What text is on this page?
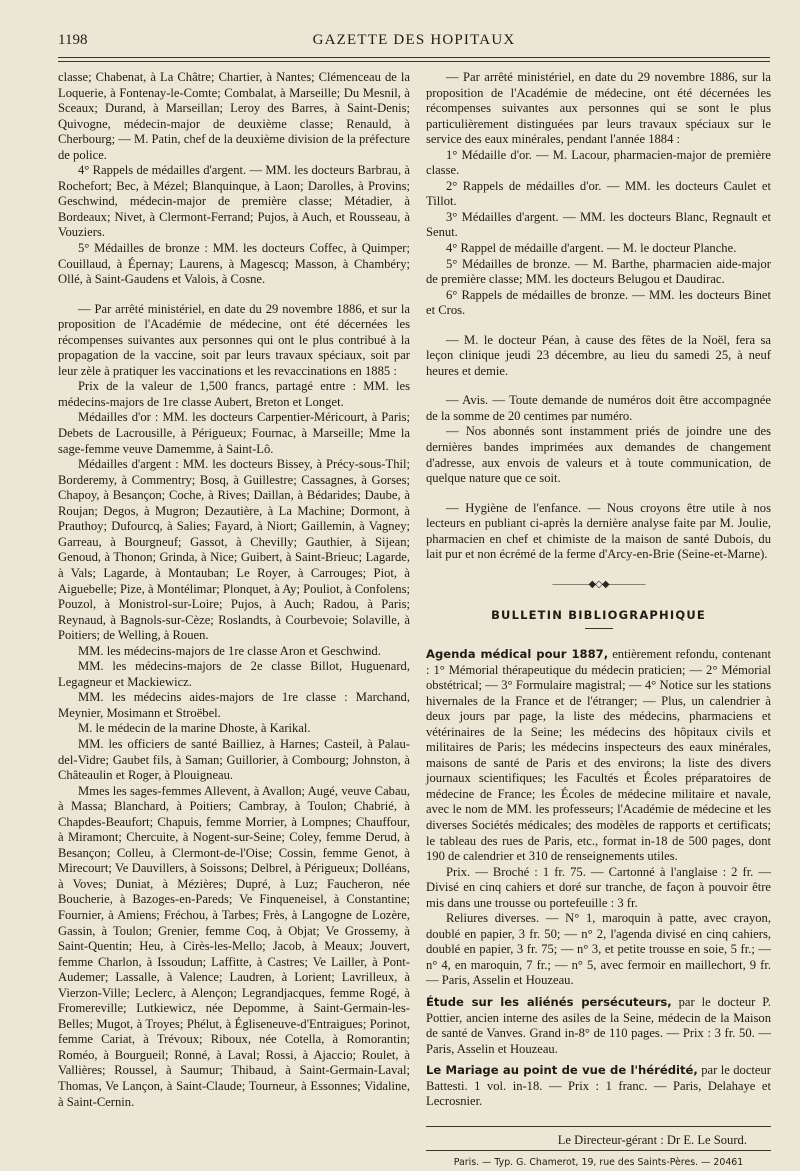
1198	GAZETTE DES HOPITAUX

classe; Chabenat, à La Châtre; Chartier, à Nantes; Clémenceau de la Loquerie, à Fontenay-le-Comte; Combalat, à Marseille; Du Mesnil, à Sceaux; Durand, à Marseillan; Leroy des Barres, à Saint-Denis; Quivogne, médecin-major de deuxième classe; Renauld, à Cherbourg; — M. Patin, chef de la deuxième division de la préfecture de police.

4° Rappels de médailles d'argent. — MM. les docteurs Barbrau, à Rochefort; Bec, à Mézel; Blanquinque, à Laon; Darolles, à Provins; Geschwind, médecin-major de première classe; Métadier, à Bordeaux; Nivet, à Clermont-Ferrand; Pujos, à Auch, et Rousseau, à Vouziers.

5° Médailles de bronze : MM. les docteurs Coffec, à Quimper; Couillaud, à Épernay; Laurens, à Magescq; Masson, à Chambéry; Ollé, à Saint-Gaudens et Valois, à Cosne.

— Par arrêté ministériel, en date du 29 novembre 1886, et sur la proposition de l'Académie de médecine, ont été décernées les récompenses suivantes aux personnes qui ont le plus contribué à la propagation de la vaccine, soit par leurs travaux spéciaux, soit par leur zèle à pratiquer les vaccinations et les revaccinations en 1885 :

Prix de la valeur de 1,500 francs, partagé entre : MM. les médecins-majors de 1re classe Aubert, Breton et Longet.

Médailles d'or : MM. les docteurs Carpentier-Méricourt, à Paris; Debets de Lacrousille, à Périgueux; Fournac, à Marseille; Mme la sage-femme veuve Damemme, à Saint-Lô.

Médailles d'argent : MM. les docteurs Bissey, à Précy-sous-Thil; Borderemy, à Commentry; Bosq, à Guillestre; Cassagnes, à Gorses; Chapoy, à Besançon; Coche, à Rives; Daillan, à Bédarides; Daube, à Roujan; Degos, à Mugron; Dezautière, à La Machine; Dormont, à Prauthoy; Dufourcq, à Salies; Fayard, à Niort; Gaillemin, à Vagney; Garreau, à Bourgneuf; Gassot, à Chevilly; Gauthier, à Sijean; Genoud, à Thonon; Grinda, à Nice; Guibert, à Saint-Brieuc; Lagarde, à Vals; Lagarde, à Montauban; Le Royer, à Carrouges; Piot, à Aiguebelle; Pize, à Montélimar; Plonquet, à Ay; Pouliot, à Confolens; Pouzol, à Monistrol-sur-Loire; Pujos, à Auch; Radou, à Paris; Reynaud, à Bagnols-sur-Cèze; Roslandts, à Courbevoie; Solaville, à Poitiers; de Welling, à Rouen.

MM. les médecins-majors de 1re classe Aron et Geschwind.

MM. les médecins-majors de 2e classe Billot, Huguenard, Legagneur et Mackiewicz.

MM. les médecins aides-majors de 1re classe : Marchand, Meynier, Mosimann et Stroëbel.

M. le médecin de la marine Dhoste, à Karikal.

MM. les officiers de santé Bailliez, à Harnes; Casteil, à Palau-del-Vidre; Gaubet fils, à Saman; Guillorier, à Combourg; Johnston, à Châteaulin et Roger, à Plouigneau.

Mmes les sages-femmes Allevent, à Avallon; Augé, veuve Cabau, à Massa; Blanchard, à Poitiers; Cambray, à Toulon; Chabrié, à Chapdes-Beaufort; Chapuis, femme Morrier, à Lompnes; Chauffour, à Miramont; Chercuite, à Nogent-sur-Seine; Coley, femme Derud, à Besançon; Colleu, à Clermont-de-l'Oise; Cossin, femme Genot, à Mirecourt; Ve Dauvillers, à Soissons; Delbrel, à Périgueux; Dolléans, à Voves; Duniat, à Mézières; Dupré, à Luz; Faucheron, née Boucherie, à Bazoges-en-Pareds; Ve Finqueneisel, à Constantine; Fournier, à Amiens; Fréchou, à Tarbes; Frès, à Langogne de Lozère, Gassin, à Toulon; Grenier, femme Coq, à Objat; Ve Grossemy, à Saint-Quentin; Heu, à Cirès-les-Mello; Jacob, à Meaux; Jouvert, femme Charlon, à Issoudun; Laffitte, à Castres; Ve Lailler, à Pont-Audemer; Lassalle, à Valence; Laudren, à Lorient; Lavrilleux, à Vierzon-Ville; Leclerc, à Alençon; Legrandjacques, femme Rogé, à Fromereville; Lutkiewicz, née Depomme, à Saint-Germain-les-Belles; Mugot, à Troyes; Phélut, à Égliseneuve-d'Entraigues; Porinot, femme Cariat, à Trévoux; Riboux, née Cotella, à Romorantin; Roméo, à Bourgueil; Ronné, à Laval; Rossi, à Ajaccio; Roulet, à Vallières; Roussel, à Saumur; Thibaud, à Saint-Germain-Laval; Thomas, Ve Lançon, à Saint-Claude; Tourneur, à Essonnes; Vidaline, à Saint-Cernin.

— Par arrêté ministériel, en date du 29 novembre 1886, sur la proposition de l'Académie de médecine, ont été décernées les récompenses suivantes aux personnes qui se sont le plus particulièrement distinguées par leurs travaux spéciaux sur le service des eaux minérales, pendant l'année 1884 :

1° Médaille d'or. — M. Lacour, pharmacien-major de première classe.

2° Rappels de médailles d'or. — MM. les docteurs Caulet et Tillot.

3° Médailles d'argent. — MM. les docteurs Blanc, Regnault et Senut.

4° Rappel de médaille d'argent. — M. le docteur Planche.

5° Médailles de bronze. — M. Barthe, pharmacien aide-major de première classe; MM. les docteurs Belugou et Daudirac.

6° Rappels de médailles de bronze. — MM. les docteurs Binet et Cros.

— M. le docteur Péan, à cause des fêtes de la Noël, fera sa leçon clinique jeudi 23 décembre, au lieu du samedi 25, à neuf heures et demie.

— Avis. — Toute demande de numéros doit être accompagnée de la somme de 20 centimes par numéro.

— Nos abonnés sont instamment priés de joindre une des dernières bandes imprimées aux demandes de changement d'adresse, aux envois de valeurs et à toute communication, de quelque nature que ce soit.

— Hygiène de l'enfance. — Nous croyons être utile à nos lecteurs en publiant ci-après la dernière analyse faite par M. Joulie, pharmacien en chef et chimiste de la maison de santé Dubois, du lait pur et non écrémé de la ferme d'Arcy-en-Brie (Seine-et-Marne).

————◆◇◆————
BULLETIN BIBLIOGRAPHIQUE

Agenda médical pour 1887, entièrement refondu, contenant : 1° Mémorial thérapeutique du médecin praticien; — 2° Mémorial obstétrical; — 3° Formulaire magistral; — 4° Notice sur les stations hivernales de la France et de l'étranger; — Plus, un calendrier à deux jours par page, la liste des médecins, pharmaciens et vétérinaires de la Seine; les médecins des hôpitaux civils et militaires de Paris; les médecins inspecteurs des eaux minérales, maisons de santé de Paris et des environs; la liste des divers journaux scientifiques; les Facultés et Écoles préparatoires de médecine de France; les Écoles de médecine militaire et navale, avec le nom de MM. les professeurs; l'Académie de médecine et les diverses Sociétés médicales; des modèles de rapports et certificats; le tableau des rues de Paris, etc., format in-18 de 500 pages, dont 190 de calendrier et 310 de renseignements utiles.

Prix. — Broché : 1 fr. 75. — Cartonné à l'anglaise : 2 fr. — Divisé en cinq cahiers et doré sur tranche, de façon à pouvoir être mis dans une trousse ou portefeuille : 3 fr.

Reliures diverses. — N° 1, maroquin à patte, avec crayon, doublé en papier, 3 fr. 50; — n° 2, l'agenda divisé en cinq cahiers, doublé en papier, 3 fr. 75; — n° 3, et petite trousse en soie, 5 fr.; — n° 4, en maroquin, 7 fr.; — n° 5, avec fermoir en maillechort, 9 fr. — Paris, Asselin et Houzeau.

Étude sur les aliénés persécuteurs, par le docteur P. Pottier, ancien interne des asiles de la Seine, médecin de la Maison de santé de Vanves. Grand in-8° de 110 pages. — Prix : 3 fr. 50. — Paris, Asselin et Houzeau.

Le Mariage au point de vue de l'hérédité, par le docteur Battesti. 1 vol. in-18. — Prix : 1 franc. — Paris, Delahaye et Lecrosnier.

Le Directeur-gérant : Dr E. Le Sourd.
Paris. — Typ. G. Chamerot, 19, rue des Saints-Pères. — 20461
